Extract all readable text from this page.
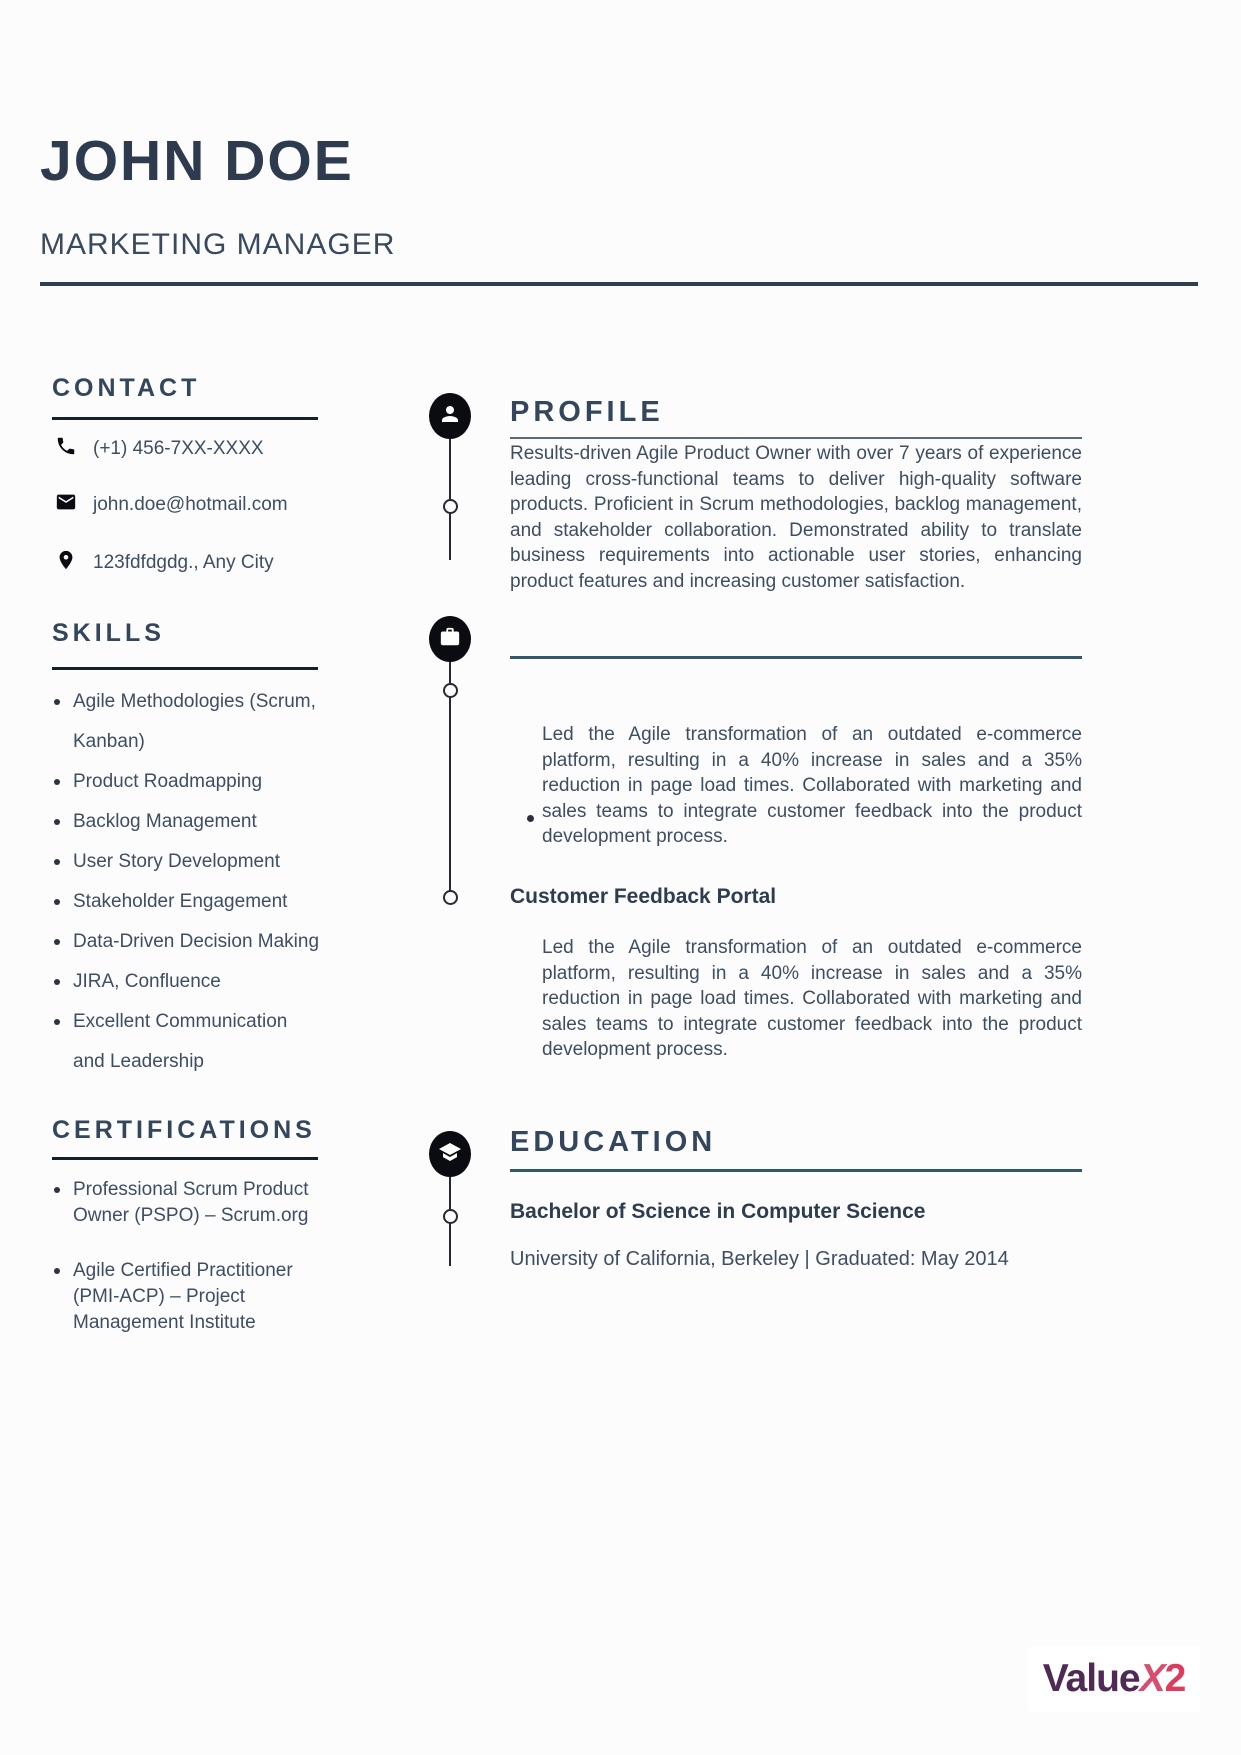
JOHN DOE
MARKETING MANAGER
CONTACT
(+1) 456-7XX-XXXX
john.doe@hotmail.com
123fdfdgdg., Any City
SKILLS
Agile Methodologies (Scrum, Kanban)
Product Roadmapping
Backlog Management
User Story Development
Stakeholder Engagement
Data-Driven Decision Making
JIRA, Confluence
Excellent Communication and Leadership
CERTIFICATIONS
Professional Scrum Product Owner (PSPO) – Scrum.org
Agile Certified Practitioner (PMI-ACP) – Project Management Institute
PROFILE
Results-driven Agile Product Owner with over 7 years of experience leading cross-functional teams to deliver high-quality software products. Proficient in Scrum methodologies, backlog management, and stakeholder collaboration. Demonstrated ability to translate business requirements into actionable user stories, enhancing product features and increasing customer satisfaction.
Led the Agile transformation of an outdated e-commerce platform, resulting in a 40% increase in sales and a 35% reduction in page load times. Collaborated with marketing and sales teams to integrate customer feedback into the product development process.
Customer Feedback Portal
Led the Agile transformation of an outdated e-commerce platform, resulting in a 40% increase in sales and a 35% reduction in page load times. Collaborated with marketing and sales teams to integrate customer feedback into the product development process.
EDUCATION
Bachelor of Science in Computer Science
University of California, Berkeley | Graduated: May 2014
ValueX2
